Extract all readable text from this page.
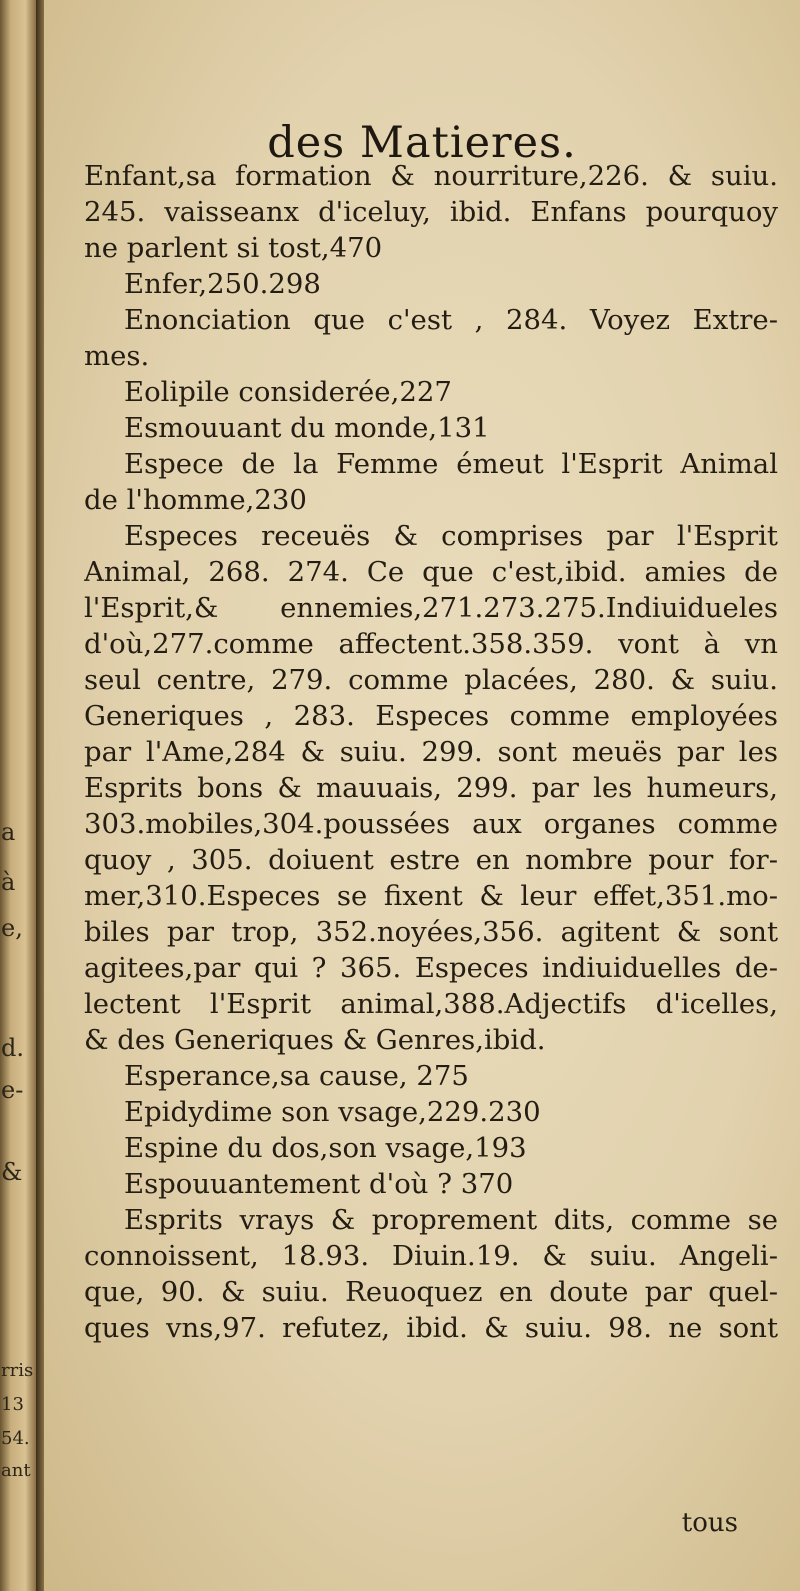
a
à
e,
d.
e-
&
rris
13
54.
ant
des Matieres.
Enfant,sa formation & nourriture,226. & suiu.
245. vaisseanx d'iceluy, ibid. Enfans pourquoy
ne parlent si tost,470
Enfer,250.298
Enonciation que c'est , 284. Voyez Extre-
mes.
Eolipile considerée,227
Esmouuant du monde,131
Espece de la Femme émeut l'Esprit Animal
de l'homme,230
Especes receuës & comprises par l'Esprit
Animal, 268. 274. Ce que c'est,ibid. amies de
l'Esprit,& ennemies,271.273.275.Indiuidueles
d'où,277.comme affectent.358.359. vont à vn
seul centre, 279. comme placées, 280. & suiu.
Generiques , 283. Especes comme employées
par l'Ame,284 & suiu. 299. sont meuës par les
Esprits bons & mauuais, 299. par les humeurs,
303.mobiles,304.poussées aux organes comme
quoy , 305. doiuent estre en nombre pour for-
mer,310.Especes se fixent & leur effet,351.mo-
biles par trop, 352.noyées,356. agitent & sont
agitees,par qui ? 365. Especes indiuiduelles de-
lectent l'Esprit animal,388.Adjectifs d'icelles,
& des Generiques & Genres,ibid.
Esperance,sa cause, 275
Epidydime son vsage,229.230
Espine du dos,son vsage,193
Espouuantement d'où ? 370
Esprits vrays & proprement dits, comme se
connoissent, 18.93. Diuin.19. & suiu. Angeli-
que, 90. & suiu. Reuoquez en doute par quel-
ques vns,97. refutez, ibid. & suiu. 98. ne sont
tous
